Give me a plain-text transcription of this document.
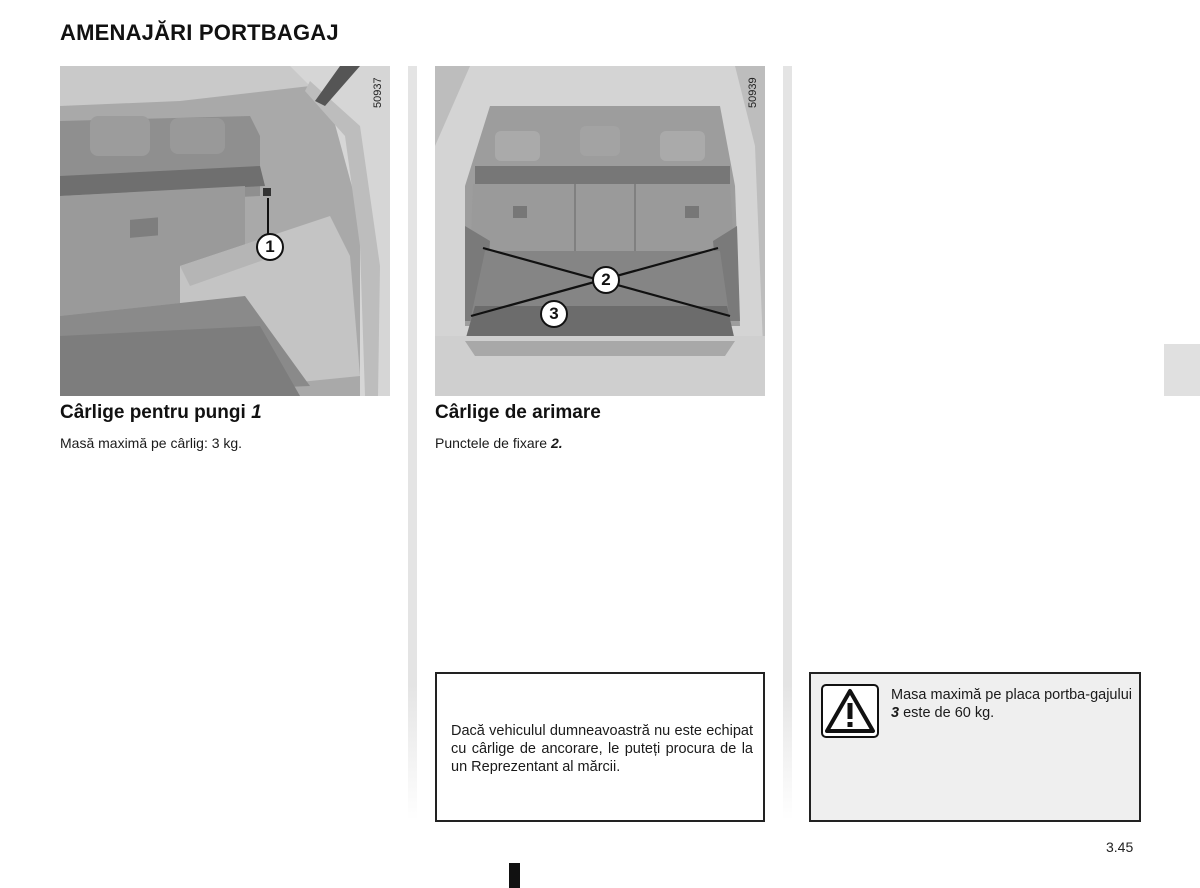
AMENAJĂRI PORTBAGAJ
1
50937
2
3
50939
Cârlige pentru pungi 1
Masă maximă pe cârlig: 3 kg.
Cârlige de arimare
Punctele de fixare 2.
Dacă vehiculul dumneavoastră nu este echipat cu cârlige de ancorare, le puteți procura de la un Reprezentant al mărcii.
Masa maximă pe placa portba-gajului 3 este de 60 kg.
3.45
